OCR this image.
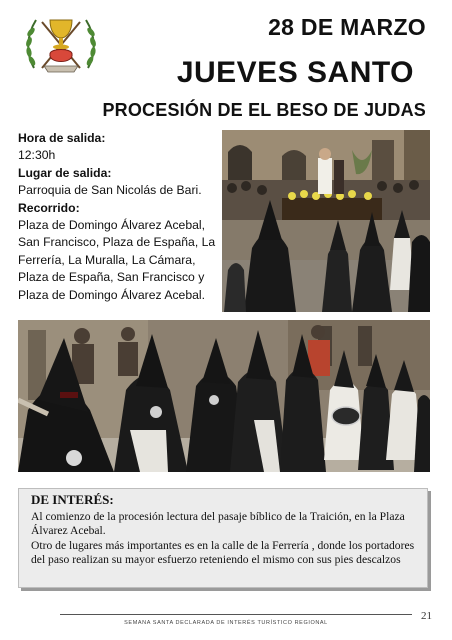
28 DE MARZO
JUEVES SANTO
PROCESIÓN DE EL BESO DE JUDAS
Hora de salida:
12:30h
Lugar de salida:
Parroquia de San Nicolás de Bari.
Recorrido:
Plaza de Domingo Álvarez Acebal, San Francisco, Plaza de España, La Ferrería, La Muralla, La Cámara, Plaza de España, San Francisco y Plaza de Domingo Álvarez Acebal.
DE INTERÉS:

Al comienzo de la procesión lectura del pasaje bíblico de la Traición, en la Plaza Álvarez Acebal.

Otro de lugares más importantes es en la calle de la Ferrería , donde los portadores del paso realizan su mayor esfuerzo reteniendo el mismo con sus pies descalzos

SEMANA SANTA DECLARADA DE INTERÉS TURÍSTICO REGIONAL
21
